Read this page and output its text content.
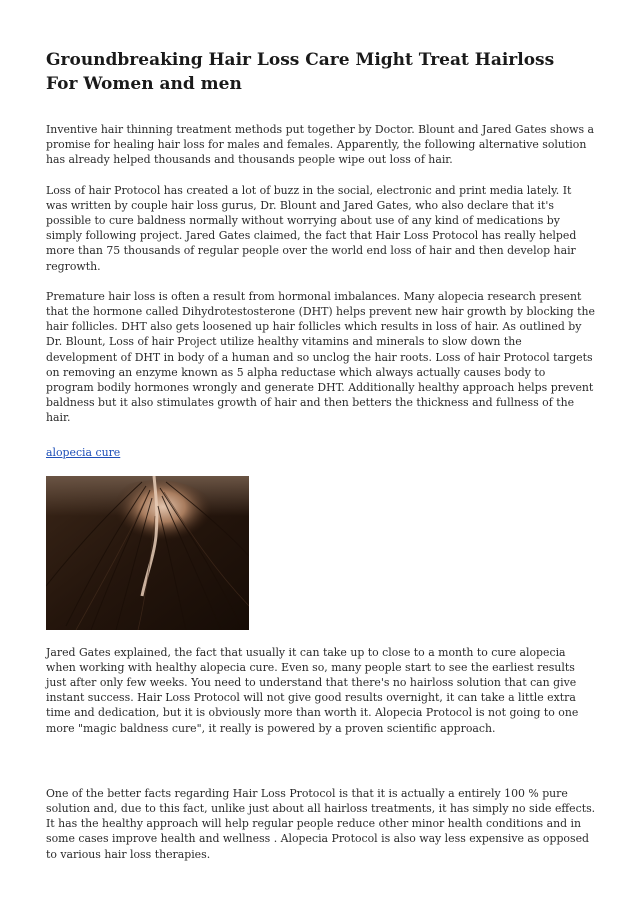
Groundbreaking Hair Loss Care Might Treat Hairloss For Women and men

Inventive hair thinning treatment methods put together by Doctor. Blount and Jared Gates shows a promise for healing hair loss for males and females. Apparently, the following alternative solution has already helped thousands and thousands people wipe out loss of hair.

Loss of hair Protocol has created a lot of buzz in the social, electronic and print media lately. It was written by couple hair loss gurus, Dr. Blount and Jared Gates, who also declare that it's possible to cure baldness normally without worrying about use of any kind of medications by simply following project. Jared Gates claimed, the fact that Hair Loss Protocol has really helped more than 75 thousands of regular people over the world end loss of hair and then develop hair regrowth.

Premature hair loss is often a result from hormonal imbalances. Many alopecia research present that the hormone called Dihydrotestosterone (DHT) helps prevent new hair growth by blocking the hair follicles. DHT also gets loosened up hair follicles which results in loss of hair. As outlined by Dr. Blount, Loss of hair Project utilize healthy vitamins and minerals to slow down the development of DHT in body of a human and so unclog the hair roots. Loss of hair Protocol targets on removing an enzyme known as 5 alpha reductase which always actually causes body to program bodily hormones wrongly and generate DHT. Additionally healthy approach helps prevent baldness but it also stimulates growth of hair and then betters the thickness and fullness of the hair.

alopecia cure

Jared Gates explained, the fact that usually it can take up to close to a month to cure alopecia when working with healthy alopecia cure. Even so, many people start to see the earliest results just after only few weeks. You need to understand that there's no hairloss solution that can give instant success. Hair Loss Protocol will not give good results overnight, it can take a little extra time and dedication, but it is obviously more than worth it. Alopecia Protocol is not going to one more "magic baldness cure", it really is powered by a proven scientific approach.

One of the better facts regarding Hair Loss Protocol is that it is actually a entirely 100 % pure solution and, due to this fact, unlike just about all hairloss treatments, it has simply no side effects. It has the healthy approach will help regular people reduce other minor health conditions and in some cases improve health and wellness . Alopecia Protocol is also way less expensive as opposed to various hair loss therapies.
